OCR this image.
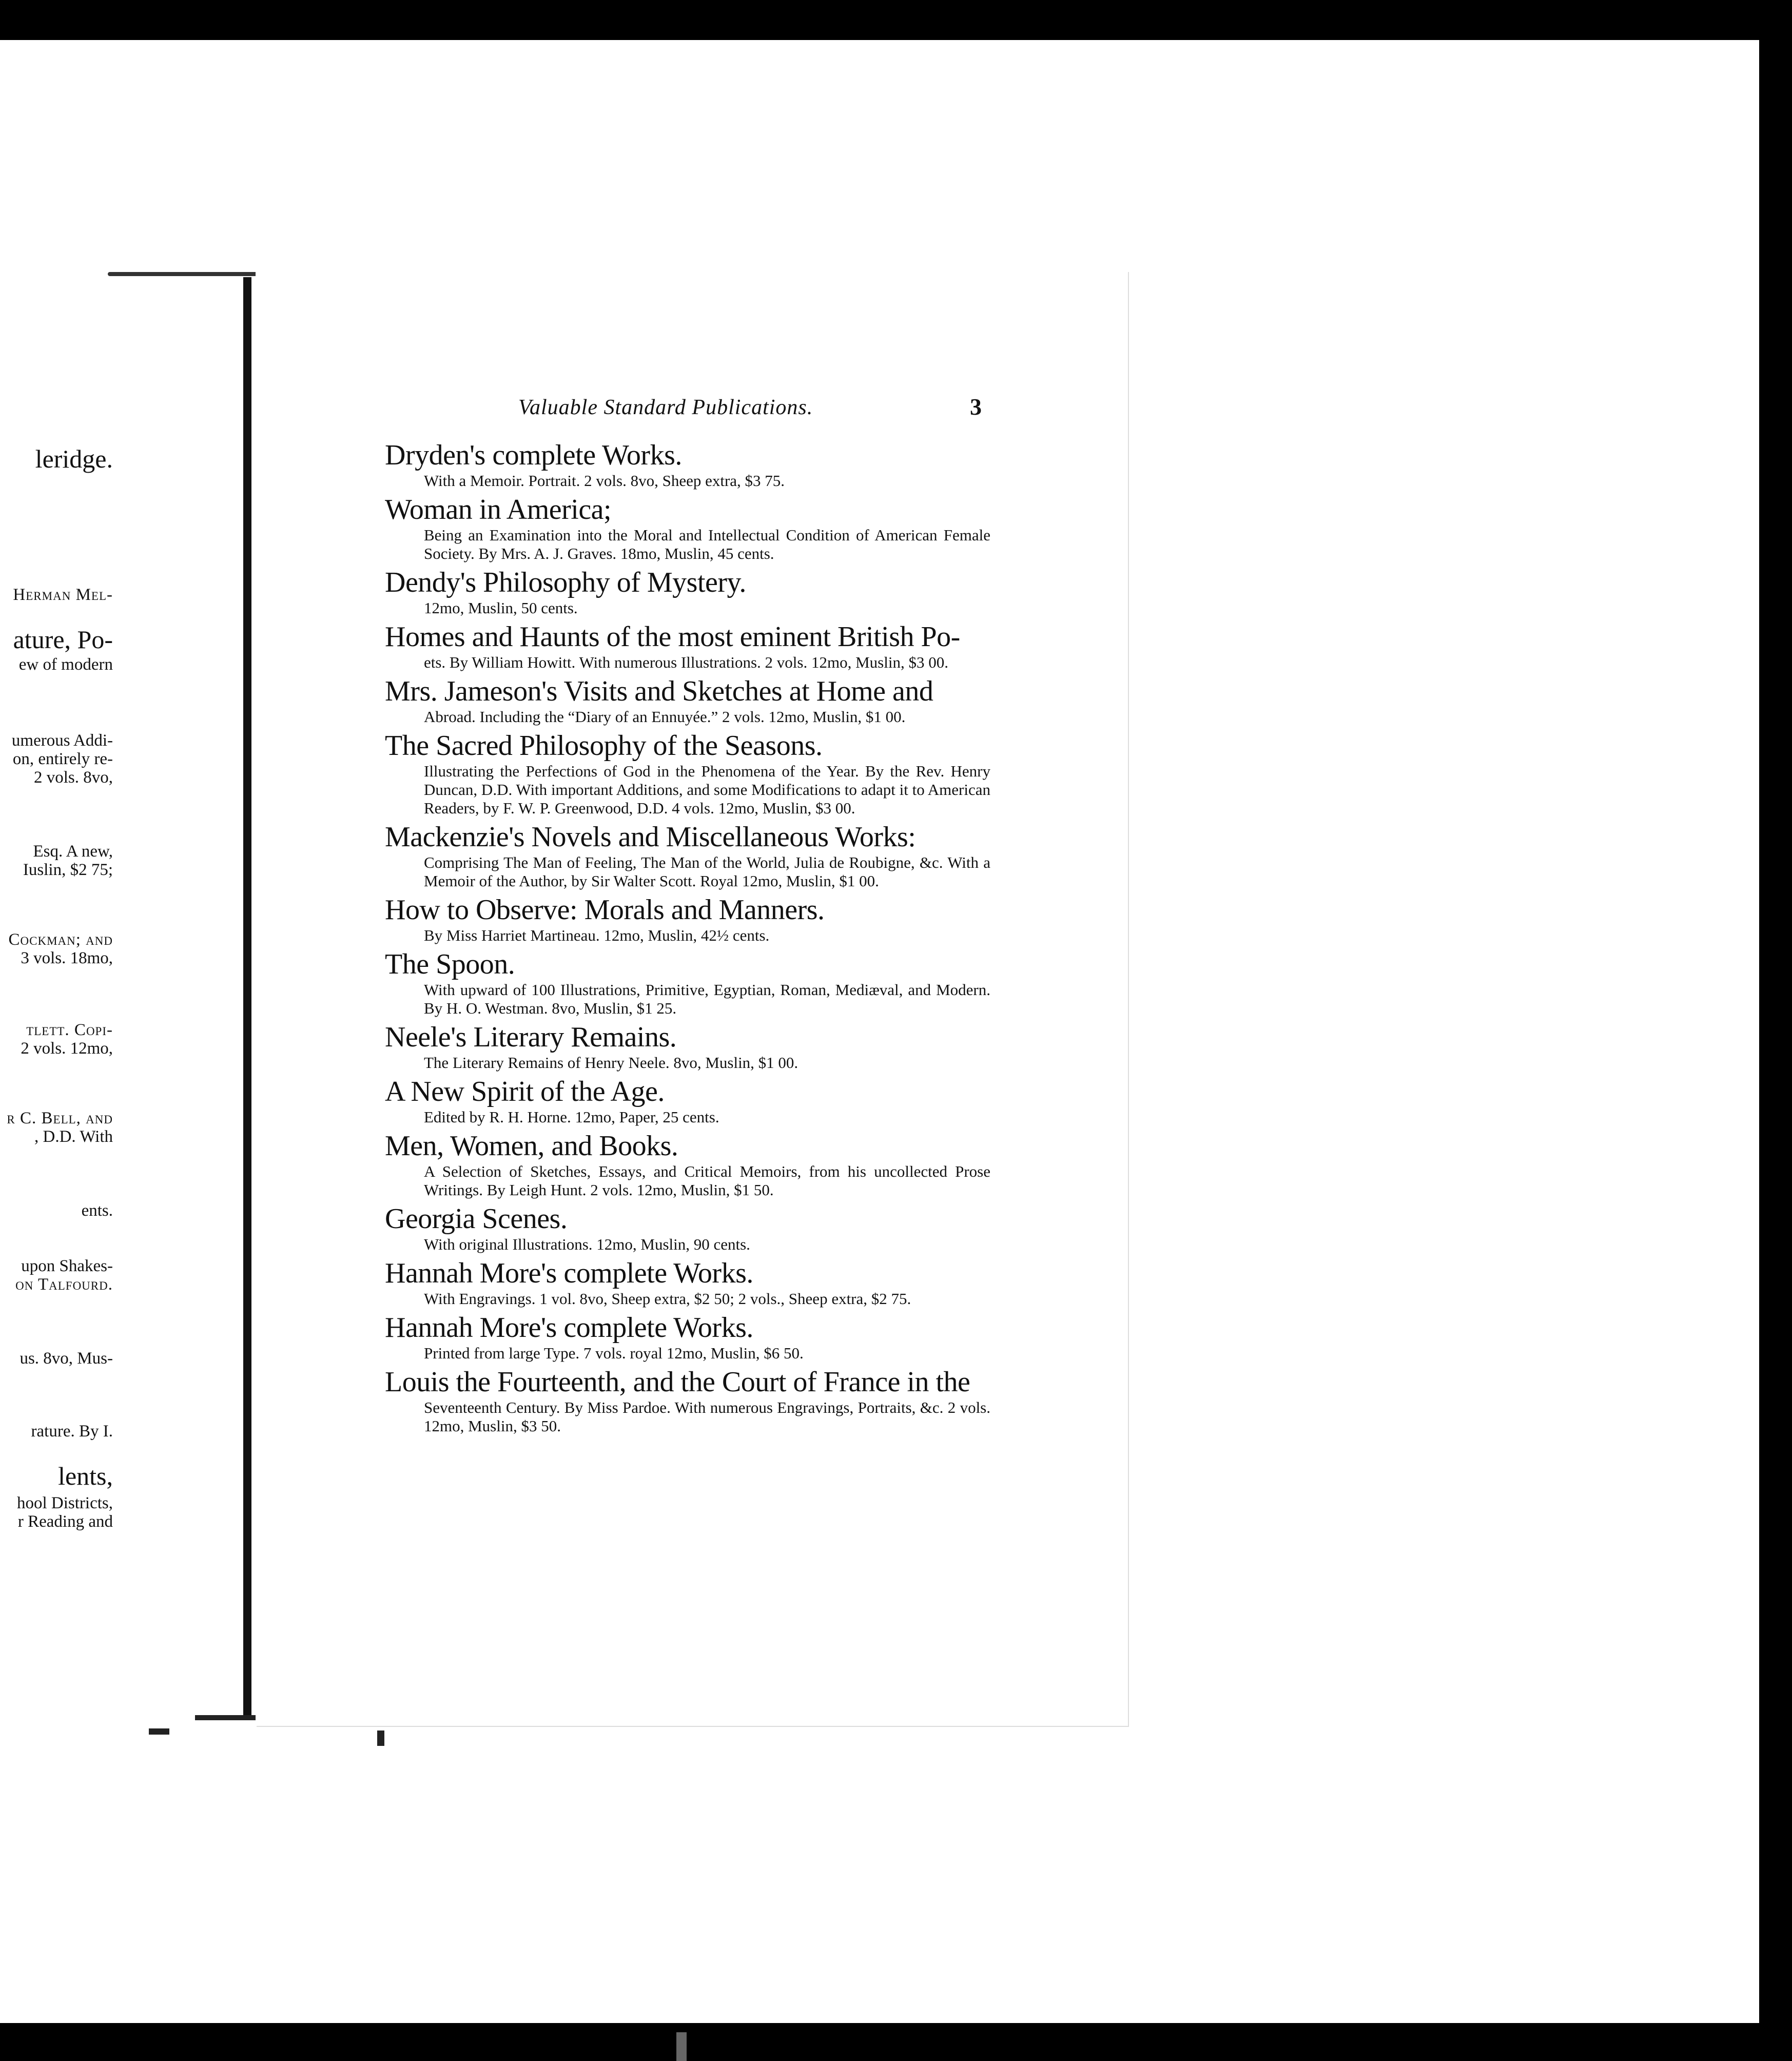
leridge.
Herman Mel-
ature, Po-
ew of modern
umerous Addi-
on, entirely re-
2 vols. 8vo,
Esq. A new,
Iuslin, $2 75;
Cockman; and
3 vols. 18mo,
tlett. Copi-
2 vols. 12mo,
r C. Bell, and
, D.D. With
ents.
upon Shakes-
on Talfourd.
us. 8vo, Mus-
rature. By I.
lents,
hool Districts,
r Reading and
Valuable Standard Publications.	3
Dryden's complete Works.
With a Memoir. Portrait. 2 vols. 8vo, Sheep extra, $3 75.
Woman in America;
Being an Examination into the Moral and Intellectual Condition of American Female Society. By Mrs. A. J. Graves. 18mo, Muslin, 45 cents.
Dendy's Philosophy of Mystery.
12mo, Muslin, 50 cents.
Homes and Haunts of the most eminent British Po-
ets. By William Howitt. With numerous Illustrations. 2 vols. 12mo, Muslin, $3 00.
Mrs. Jameson's Visits and Sketches at Home and
Abroad. Including the “Diary of an Ennuyée.” 2 vols. 12mo, Muslin, $1 00.
The Sacred Philosophy of the Seasons.
Illustrating the Perfections of God in the Phenomena of the Year. By the Rev. Henry Duncan, D.D. With important Additions, and some Modifications to adapt it to American Readers, by F. W. P. Greenwood, D.D. 4 vols. 12mo, Muslin, $3 00.
Mackenzie's Novels and Miscellaneous Works:
Comprising The Man of Feeling, The Man of the World, Julia de Roubigne, &c. With a Memoir of the Author, by Sir Walter Scott. Royal 12mo, Muslin, $1 00.
How to Observe: Morals and Manners.
By Miss Harriet Martineau. 12mo, Muslin, 42½ cents.
The Spoon.
With upward of 100 Illustrations, Primitive, Egyptian, Roman, Mediæval, and Modern. By H. O. Westman. 8vo, Muslin, $1 25.
Neele's Literary Remains.
The Literary Remains of Henry Neele. 8vo, Muslin, $1 00.
A New Spirit of the Age.
Edited by R. H. Horne. 12mo, Paper, 25 cents.
Men, Women, and Books.
A Selection of Sketches, Essays, and Critical Memoirs, from his uncollected Prose Writings. By Leigh Hunt. 2 vols. 12mo, Muslin, $1 50.
Georgia Scenes.
With original Illustrations. 12mo, Muslin, 90 cents.
Hannah More's complete Works.
With Engravings. 1 vol. 8vo, Sheep extra, $2 50; 2 vols., Sheep extra, $2 75.
Hannah More's complete Works.
Printed from large Type. 7 vols. royal 12mo, Muslin, $6 50.
Louis the Fourteenth, and the Court of France in the
Seventeenth Century. By Miss Pardoe. With numerous Engravings, Portraits, &c. 2 vols. 12mo, Muslin, $3 50.
